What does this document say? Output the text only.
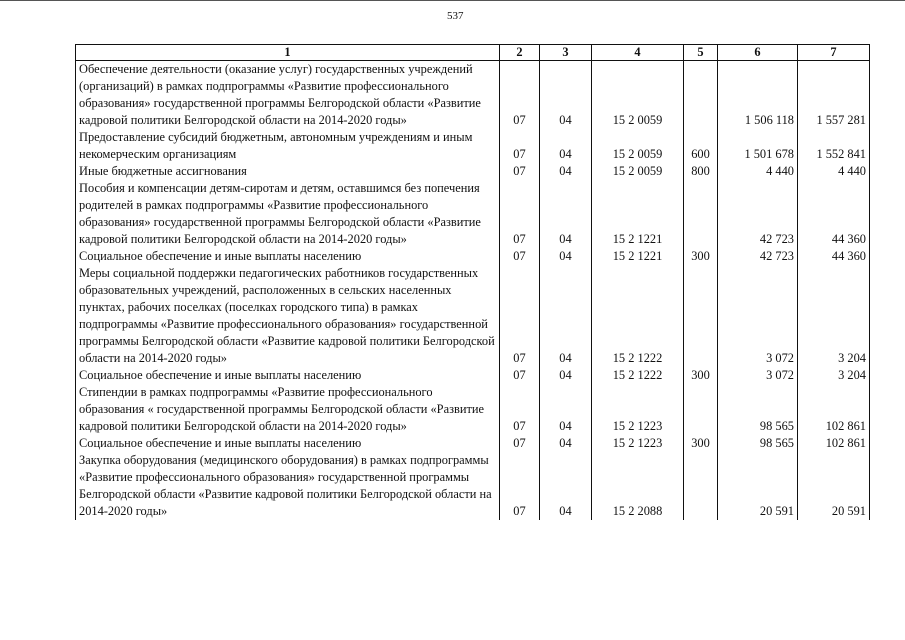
537
1	2	3	4	5	6	7
Обеспечение деятельности (оказание услуг) государственных учреждений (организаций) в рамках подпрограммы «Развитие профессионального образования» государственной программы Белгородской области «Развитие кадровой политики Белгородской области на 2014-2020 годы»	07	04	15 2 0059		1 506 118	1 557 281
Предоставление субсидий бюджетным, автономным учреждениям и иным некомерческим организациям	07	04	15 2 0059	600	1 501 678	1 552 841
Иные бюджетные ассигнования	07	04	15 2 0059	800	4 440	4 440
Пособия и компенсации детям-сиротам и детям, оставшимся без попечения родителей в рамках подпрограммы «Развитие профессионального образования» государственной программы Белгородской области «Развитие кадровой политики Белгородской области на 2014-2020 годы»	07	04	15 2 1221		42 723	44 360
Социальное обеспечение и иные выплаты населению	07	04	15 2 1221	300	42 723	44 360
Меры социальной поддержки педагогических работников государственных образовательных учреждений, расположенных в сельских населенных пунктах, рабочих поселках (поселках городского типа) в рамках подпрограммы «Развитие профессионального образования» государственной программы Белгородской области «Развитие кадровой политики Белгородской области на 2014-2020 годы»	07	04	15 2 1222		3 072	3 204
Социальное обеспечение и иные выплаты населению	07	04	15 2 1222	300	3 072	3 204
Стипендии в рамках подпрограммы «Развитие профессионального образования « государственной программы Белгородской области «Развитие кадровой политики Белгородской области на 2014-2020 годы»	07	04	15 2 1223		98 565	102 861
Социальное обеспечение и иные выплаты населению	07	04	15 2 1223	300	98 565	102 861
Закупка оборудования (медицинского оборудования) в рамках подпрограммы «Развитие профессионального образования» государственной программы Белгородской области «Развитие кадровой политики Белгородской области на 2014-2020 годы»	07	04	15 2 2088		20 591	20 591
